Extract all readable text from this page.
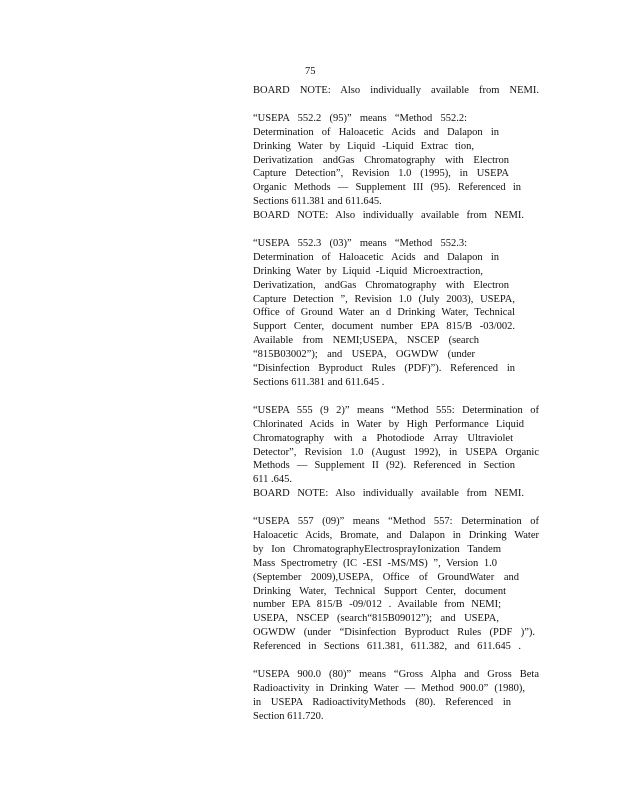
75
BOARD NOTE: Also individually available from NEMI.
“USEPA 552.2 (95)” means “Method 552.2:
Determination of Haloacetic Acids and Dalapon in
Drinking Water by Liquid -Liquid Extrac tion,
Derivatization andGas Chromatography with Electron
Capture Detection”, Revision 1.0 (1995), in USEPA
Organic Methods — Supplement III (95). Referenced in
Sections 611.381 and 611.645.
BOARD NOTE: Also individually available from NEMI.
“USEPA 552.3 (03)” means “Method 552.3:
Determination of Haloacetic Acids and Dalapon in
Drinking Water by Liquid -Liquid Microextraction,
Derivatization, andGas Chromatography with Electron
Capture Detection ”, Revision 1.0 (July 2003), USEPA,
Office of Ground Water an d Drinking Water, Technical
Support Center, document number EPA 815/B -03/002.
Available from NEMI;USEPA, NSCEP (search
“815B03002”); and USEPA, OGWDW (under
“Disinfection Byproduct Rules (PDF)”). Referenced in
Sections 611.381 and 611.645 .
“USEPA 555 (9 2)” means “Method 555: Determination of
Chlorinated Acids in Water by High Performance Liquid
Chromatography with a Photodiode Array Ultraviolet
Detector”, Revision 1.0 (August 1992), in USEPA Organic
Methods — Supplement II (92). Referenced in Section
611 .645.
BOARD NOTE: Also individually available from NEMI.
“USEPA 557 (09)” means “Method 557: Determination of
Haloacetic Acids, Bromate, and Dalapon in Drinking Water
by Ion ChromatographyElectrosprayIonization Tandem
Mass Spectrometry (IC -ESI -MS/MS) ”, Version 1.0
(September 2009),USEPA, Office of GroundWater and
Drinking Water, Technical Support Center, document
number EPA 815/B -09/012 . Available from NEMI;
USEPA, NSCEP (search“815B09012”); and USEPA,
OGWDW (under “Disinfection Byproduct Rules (PDF )”).
Referenced in Sections 611.381, 611.382, and 611.645 .
“USEPA 900.0 (80)” means “Gross Alpha and Gross Beta
Radioactivity in Drinking Water — Method 900.0” (1980),
in USEPA RadioactivityMethods (80). Referenced in
Section 611.720.
